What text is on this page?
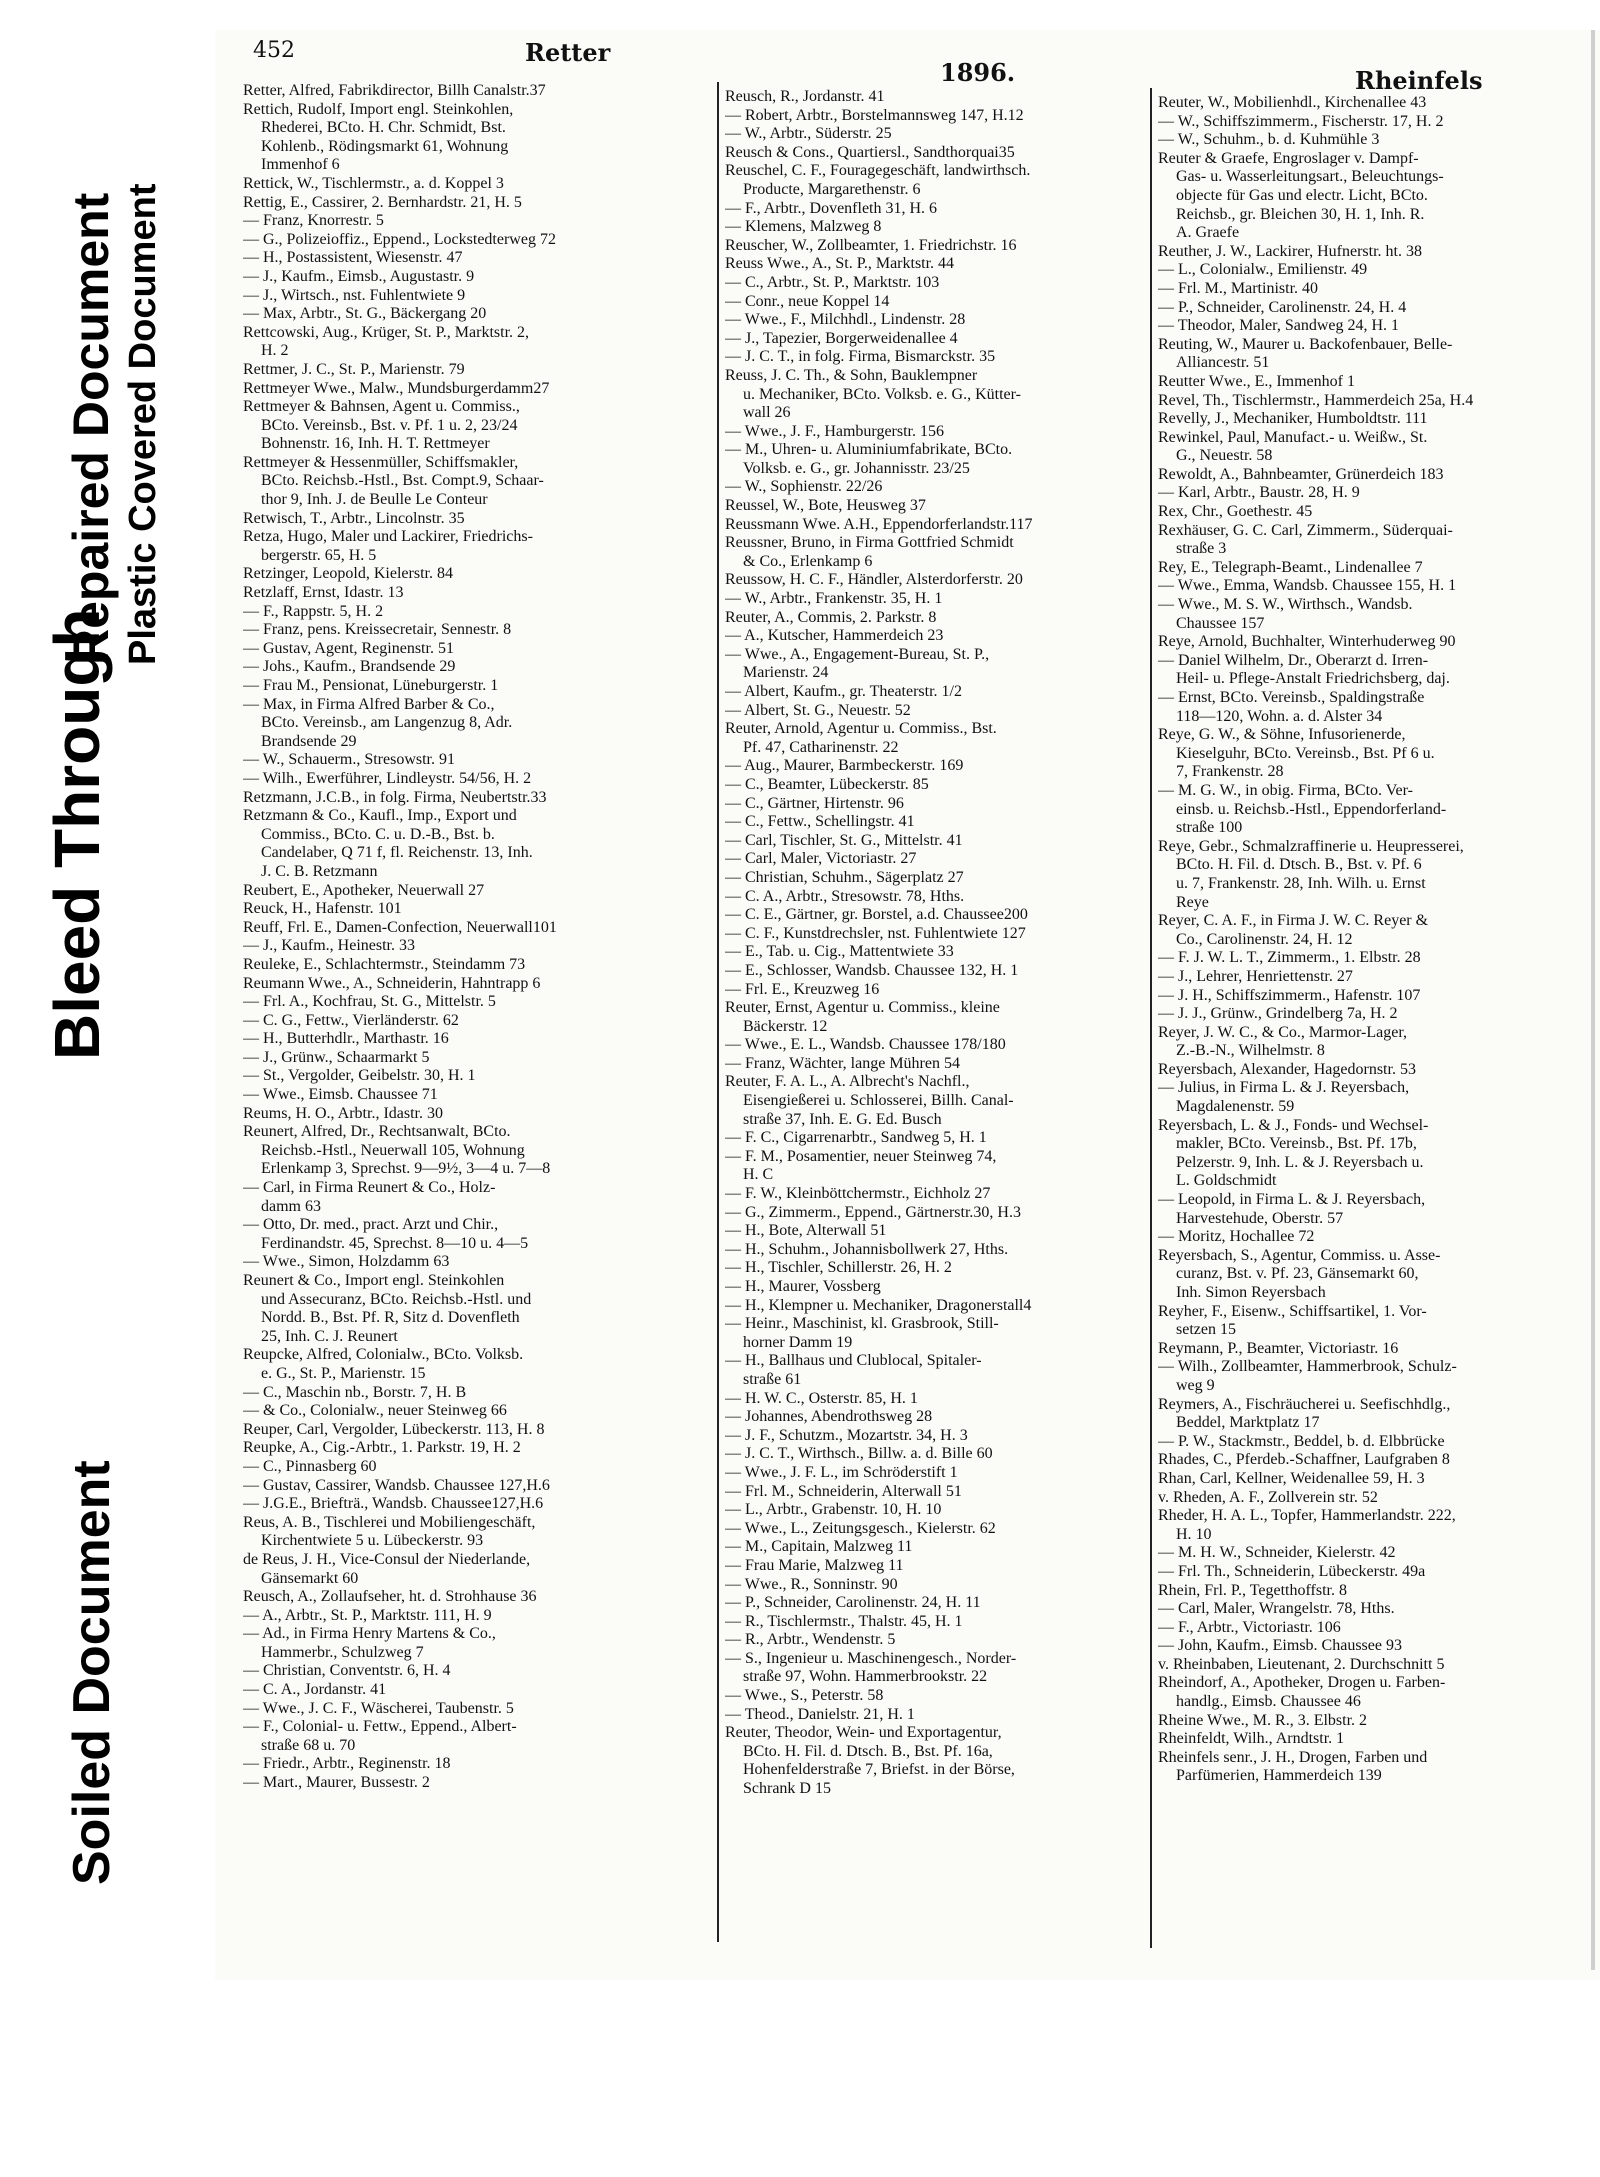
Soiled Document
Bleed Through
Repaired Document Plastic Covered Document
452	Retter
1896.	Rheinfels
Retter, Alfred, Fabrikdirector, Billh Canalstr.37
Rettich, Rudolf, Import engl. Steinkohlen,
Rhederei, BCto. H. Chr. Schmidt, Bst.
Kohlenb., Rödingsmarkt 61, Wohnung
Immenhof 6
Rettick, W., Tischlermstr., a. d. Koppel 3
Rettig, E., Cassirer, 2. Bernhardstr. 21, H. 5
— Franz, Knorrestr. 5
— G., Polizeioffiz., Eppend., Lockstedterweg 72
— H., Postassistent, Wiesenstr. 47
— J., Kaufm., Eimsb., Augustastr. 9
— J., Wirtsch., nst. Fuhlentwiete 9
— Max, Arbtr., St. G., Bäckergang 20
Rettcowski, Aug., Krüger, St. P., Marktstr. 2,
H. 2
Rettmer, J. C., St. P., Marienstr. 79
Rettmeyer Wwe., Malw., Mundsburgerdamm27
Rettmeyer & Bahnsen, Agent u. Commiss.,
BCto. Vereinsb., Bst. v. Pf. 1 u. 2, 23/24
Bohnenstr. 16, Inh. H. T. Rettmeyer
Rettmeyer & Hessenmüller, Schiffsmakler,
BCto. Reichsb.-Hstl., Bst. Compt.9, Schaar-
thor 9, Inh. J. de Beulle Le Conteur
Retwisch, T., Arbtr., Lincolnstr. 35
Retza, Hugo, Maler und Lackirer, Friedrichs-
bergerstr. 65, H. 5
Retzinger, Leopold, Kielerstr. 84
Retzlaff, Ernst, Idastr. 13
— F., Rappstr. 5, H. 2
— Franz, pens. Kreissecretair, Sennestr. 8
— Gustav, Agent, Reginenstr. 51
— Johs., Kaufm., Brandsende 29
— Frau M., Pensionat, Lüneburgerstr. 1
— Max, in Firma Alfred Barber & Co.,
BCto. Vereinsb., am Langenzug 8, Adr.
Brandsende 29
— W., Schauerm., Stresowstr. 91
— Wilh., Ewerführer, Lindleystr. 54/56, H. 2
Retzmann, J.C.B., in folg. Firma, Neubertstr.33
Retzmann & Co., Kaufl., Imp., Export und
Commiss., BCto. C. u. D.-B., Bst. b.
Candelaber, Q 71 f, fl. Reichenstr. 13, Inh.
J. C. B. Retzmann
Reubert, E., Apotheker, Neuerwall 27
Reuck, H., Hafenstr. 101
Reuff, Frl. E., Damen-Confection, Neuerwall101
— J., Kaufm., Heinestr. 33
Reuleke, E., Schlachtermstr., Steindamm 73
Reumann Wwe., A., Schneiderin, Hahntrapp 6
— Frl. A., Kochfrau, St. G., Mittelstr. 5
— C. G., Fettw., Vierländerstr. 62
— H., Butterhdlr., Marthastr. 16
— J., Grünw., Schaarmarkt 5
— St., Vergolder, Geibelstr. 30, H. 1
— Wwe., Eimsb. Chaussee 71
Reums, H. O., Arbtr., Idastr. 30
Reunert, Alfred, Dr., Rechtsanwalt, BCto.
Reichsb.-Hstl., Neuerwall 105, Wohnung
Erlenkamp 3, Sprechst. 9—9½, 3—4 u. 7—8
— Carl, in Firma Reunert & Co., Holz-
damm 63
— Otto, Dr. med., pract. Arzt und Chir.,
Ferdinandstr. 45, Sprechst. 8—10 u. 4—5
— Wwe., Simon, Holzdamm 63
Reunert & Co., Import engl. Steinkohlen
und Assecuranz, BCto. Reichsb.-Hstl. und
Nordd. B., Bst. Pf. R, Sitz d. Dovenfleth
25, Inh. C. J. Reunert
Reupcke, Alfred, Colonialw., BCto. Volksb.
e. G., St. P., Marienstr. 15
— C., Maschin nb., Borstr. 7, H. B
— & Co., Colonialw., neuer Steinweg 66
Reuper, Carl, Vergolder, Lübeckerstr. 113, H. 8
Reupke, A., Cig.-Arbtr., 1. Parkstr. 19, H. 2
— C., Pinnasberg 60
— Gustav, Cassirer, Wandsb. Chaussee 127,H.6
— J.G.E., Briefträ., Wandsb. Chaussee127,H.6
Reus, A. B., Tischlerei und Mobiliengeschäft,
Kirchentwiete 5 u. Lübeckerstr. 93
de Reus, J. H., Vice-Consul der Niederlande,
Gänsemarkt 60
Reusch, A., Zollaufseher, ht. d. Strohhause 36
— A., Arbtr., St. P., Marktstr. 111, H. 9
— Ad., in Firma Henry Martens & Co.,
Hammerbr., Schulzweg 7
— Christian, Conventstr. 6, H. 4
— C. A., Jordanstr. 41
— Wwe., J. C. F., Wäscherei, Taubenstr. 5
— F., Colonial- u. Fettw., Eppend., Albert-
straße 68 u. 70
— Friedr., Arbtr., Reginenstr. 18
— Mart., Maurer, Bussestr. 2
Reusch, R., Jordanstr. 41
— Robert, Arbtr., Borstelmannsweg 147, H.12
— W., Arbtr., Süderstr. 25
Reusch & Cons., Quartiersl., Sandthorquai35
Reuschel, C. F., Fouragegeschäft, landwirthsch.
Producte, Margarethenstr. 6
— F., Arbtr., Dovenfleth 31, H. 6
— Klemens, Malzweg 8
Reuscher, W., Zollbeamter, 1. Friedrichstr. 16
Reuss Wwe., A., St. P., Marktstr. 44
— C., Arbtr., St. P., Marktstr. 103
— Conr., neue Koppel 14
— Wwe., F., Milchhdl., Lindenstr. 28
— J., Tapezier, Borgerweidenallee 4
— J. C. T., in folg. Firma, Bismarckstr. 35
Reuss, J. C. Th., & Sohn, Bauklempner
u. Mechaniker, BCto. Volksb. e. G., Kütter-
wall 26
— Wwe., J. F., Hamburgerstr. 156
— M., Uhren- u. Aluminiumfabrikate, BCto.
Volksb. e. G., gr. Johannisstr. 23/25
— W., Sophienstr. 22/26
Reussel, W., Bote, Heusweg 37
Reussmann Wwe. A.H., Eppendorferlandstr.117
Reussner, Bruno, in Firma Gottfried Schmidt
& Co., Erlenkamp 6
Reussow, H. C. F., Händler, Alsterdorferstr. 20
— W., Arbtr., Frankenstr. 35, H. 1
Reuter, A., Commis, 2. Parkstr. 8
— A., Kutscher, Hammerdeich 23
— Wwe., A., Engagement-Bureau, St. P.,
Marienstr. 24
— Albert, Kaufm., gr. Theaterstr. 1/2
— Albert, St. G., Neuestr. 52
Reuter, Arnold, Agentur u. Commiss., Bst.
Pf. 47, Catharinenstr. 22
— Aug., Maurer, Barmbeckerstr. 169
— C., Beamter, Lübeckerstr. 85
— C., Gärtner, Hirtenstr. 96
— C., Fettw., Schellingstr. 41
— Carl, Tischler, St. G., Mittelstr. 41
— Carl, Maler, Victoriastr. 27
— Christian, Schuhm., Sägerplatz 27
— C. A., Arbtr., Stresowstr. 78, Hths.
— C. E., Gärtner, gr. Borstel, a.d. Chaussee200
— C. F., Kunstdrechsler, nst. Fuhlentwiete 127
— E., Tab. u. Cig., Mattentwiete 33
— E., Schlosser, Wandsb. Chaussee 132, H. 1
— Frl. E., Kreuzweg 16
Reuter, Ernst, Agentur u. Commiss., kleine
Bäckerstr. 12
— Wwe., E. L., Wandsb. Chaussee 178/180
— Franz, Wächter, lange Mühren 54
Reuter, F. A. L., A. Albrecht's Nachfl.,
Eisengießerei u. Schlosserei, Billh. Canal-
straße 37, Inh. E. G. Ed. Busch
— F. C., Cigarrenarbtr., Sandweg 5, H. 1
— F. M., Posamentier, neuer Steinweg 74,
H. C
— F. W., Kleinböttchermstr., Eichholz 27
— G., Zimmerm., Eppend., Gärtnerstr.30, H.3
— H., Bote, Alterwall 51
— H., Schuhm., Johannisbollwerk 27, Hths.
— H., Tischler, Schillerstr. 26, H. 2
— H., Maurer, Vossberg
— H., Klempner u. Mechaniker, Dragonerstall4
— Heinr., Maschinist, kl. Grasbrook, Still-
horner Damm 19
— H., Ballhaus und Clublocal, Spitaler-
straße 61
— H. W. C., Osterstr. 85, H. 1
— Johannes, Abendrothsweg 28
— J. F., Schutzm., Mozartstr. 34, H. 3
— J. C. T., Wirthsch., Billw. a. d. Bille 60
— Wwe., J. F. L., im Schröderstift 1
— Frl. M., Schneiderin, Alterwall 51
— L., Arbtr., Grabenstr. 10, H. 10
— Wwe., L., Zeitungsgesch., Kielerstr. 62
— M., Capitain, Malzweg 11
— Frau Marie, Malzweg 11
— Wwe., R., Sonninstr. 90
— P., Schneider, Carolinenstr. 24, H. 11
— R., Tischlermstr., Thalstr. 45, H. 1
— R., Arbtr., Wendenstr. 5
— S., Ingenieur u. Maschinengesch., Norder-
straße 97, Wohn. Hammerbrookstr. 22
— Wwe., S., Peterstr. 58
— Theod., Danielstr. 21, H. 1
Reuter, Theodor, Wein- und Exportagentur,
BCto. H. Fil. d. Dtsch. B., Bst. Pf. 16a,
Hohenfelderstraße 7, Briefst. in der Börse,
Schrank D 15
Reuter, W., Mobilienhdl., Kirchenallee 43
— W., Schiffszimmerm., Fischerstr. 17, H. 2
— W., Schuhm., b. d. Kuhmühle 3
Reuter & Graefe, Engroslager v. Dampf-
Gas- u. Wasserleitungsart., Beleuchtungs-
objecte für Gas und electr. Licht, BCto.
Reichsb., gr. Bleichen 30, H. 1, Inh. R.
A. Graefe
Reuther, J. W., Lackirer, Hufnerstr. ht. 38
— L., Colonialw., Emilienstr. 49
— Frl. M., Martinistr. 40
— P., Schneider, Carolinenstr. 24, H. 4
— Theodor, Maler, Sandweg 24, H. 1
Reuting, W., Maurer u. Backofenbauer, Belle-
Alliancestr. 51
Reutter Wwe., E., Immenhof 1
Revel, Th., Tischlermstr., Hammerdeich 25a, H.4
Revelly, J., Mechaniker, Humboldtstr. 111
Rewinkel, Paul, Manufact.- u. Weißw., St.
G., Neuestr. 58
Rewoldt, A., Bahnbeamter, Grünerdeich 183
— Karl, Arbtr., Baustr. 28, H. 9
Rex, Chr., Goethestr. 45
Rexhäuser, G. C. Carl, Zimmerm., Süderquai-
straße 3
Rey, E., Telegraph-Beamt., Lindenallee 7
— Wwe., Emma, Wandsb. Chaussee 155, H. 1
— Wwe., M. S. W., Wirthsch., Wandsb.
Chaussee 157
Reye, Arnold, Buchhalter, Winterhuderweg 90
— Daniel Wilhelm, Dr., Oberarzt d. Irren-
Heil- u. Pflege-Anstalt Friedrichsberg, daj.
— Ernst, BCto. Vereinsb., Spaldingstraße
118—120, Wohn. a. d. Alster 34
Reye, G. W., & Söhne, Infusorienerde,
Kieselguhr, BCto. Vereinsb., Bst. Pf 6 u.
7, Frankenstr. 28
— M. G. W., in obig. Firma, BCto. Ver-
einsb. u. Reichsb.-Hstl., Eppendorferland-
straße 100
Reye, Gebr., Schmalzraffinerie u. Heupresserei,
BCto. H. Fil. d. Dtsch. B., Bst. v. Pf. 6
u. 7, Frankenstr. 28, Inh. Wilh. u. Ernst
Reye
Reyer, C. A. F., in Firma J. W. C. Reyer &
Co., Carolinenstr. 24, H. 12
— F. J. W. L. T., Zimmerm., 1. Elbstr. 28
— J., Lehrer, Henriettenstr. 27
— J. H., Schiffszimmerm., Hafenstr. 107
— J. J., Grünw., Grindelberg 7a, H. 2
Reyer, J. W. C., & Co., Marmor-Lager,
Z.-B.-N., Wilhelmstr. 8
Reyersbach, Alexander, Hagedornstr. 53
— Julius, in Firma L. & J. Reyersbach,
Magdalenenstr. 59
Reyersbach, L. & J., Fonds- und Wechsel-
makler, BCto. Vereinsb., Bst. Pf. 17b,
Pelzerstr. 9, Inh. L. & J. Reyersbach u.
L. Goldschmidt
— Leopold, in Firma L. & J. Reyersbach,
Harvestehude, Oberstr. 57
— Moritz, Hochallee 72
Reyersbach, S., Agentur, Commiss. u. Asse-
curanz, Bst. v. Pf. 23, Gänsemarkt 60,
Inh. Simon Reyersbach
Reyher, F., Eisenw., Schiffsartikel, 1. Vor-
setzen 15
Reymann, P., Beamter, Victoriastr. 16
— Wilh., Zollbeamter, Hammerbrook, Schulz-
weg 9
Reymers, A., Fischräucherei u. Seefischhdlg.,
Beddel, Marktplatz 17
— P. W., Stackmstr., Beddel, b. d. Elbbrücke
Rhades, C., Pferdeb.-Schaffner, Laufgraben 8
Rhan, Carl, Kellner, Weidenallee 59, H. 3
v. Rheden, A. F., Zollverein str. 52
Rheder, H. A. L., Topfer, Hammerlandstr. 222,
H. 10
— M. H. W., Schneider, Kielerstr. 42
— Frl. Th., Schneiderin, Lübeckerstr. 49a
Rhein, Frl. P., Tegetthoffstr. 8
— Carl, Maler, Wrangelstr. 78, Hths.
— F., Arbtr., Victoriastr. 106
— John, Kaufm., Eimsb. Chaussee 93
v. Rheinbaben, Lieutenant, 2. Durchschnitt 5
Rheindorf, A., Apotheker, Drogen u. Farben-
handlg., Eimsb. Chaussee 46
Rheine Wwe., M. R., 3. Elbstr. 2
Rheinfeldt, Wilh., Arndtstr. 1
Rheinfels senr., J. H., Drogen, Farben und
Parfümerien, Hammerdeich 139
